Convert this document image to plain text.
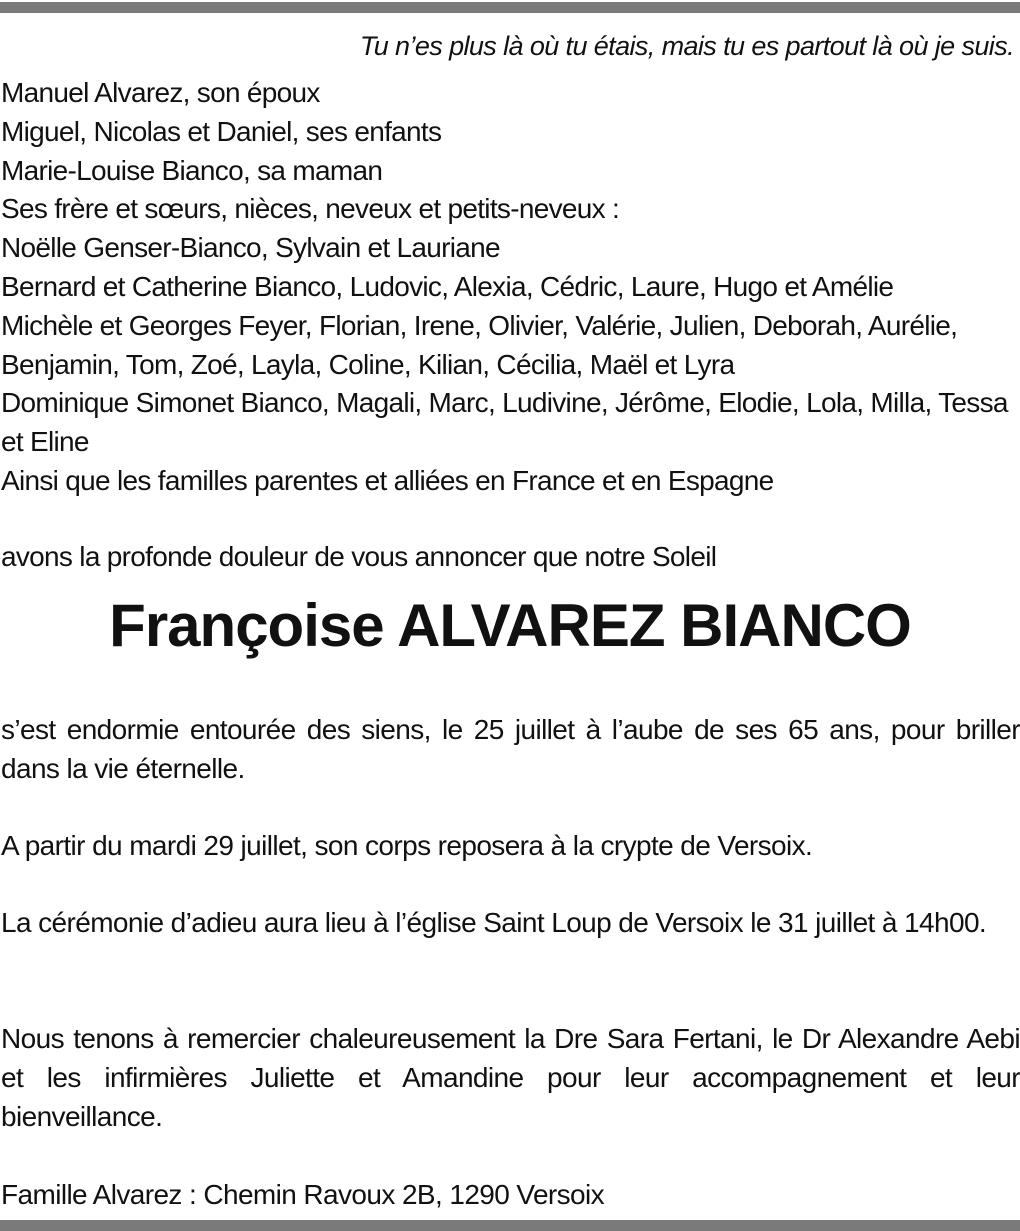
Tu n’es plus là où tu étais, mais tu es partout là où je suis.
Manuel Alvarez, son époux
Miguel, Nicolas et Daniel, ses enfants
Marie-Louise Bianco, sa maman
Ses frère et sœurs, nièces, neveux et petits-neveux :
Noëlle Genser-Bianco, Sylvain et Lauriane
Bernard et Catherine Bianco, Ludovic, Alexia, Cédric, Laure, Hugo et Amélie
Michèle et Georges Feyer, Florian, Irene, Olivier, Valérie, Julien, Deborah, Aurélie, Benjamin, Tom, Zoé, Layla, Coline, Kilian, Cécilia, Maël et Lyra
Dominique Simonet Bianco, Magali, Marc, Ludivine, Jérôme, Elodie, Lola, Milla, Tessa et Eline
Ainsi que les familles parentes et alliées en France et en Espagne
avons la profonde douleur de vous annoncer que notre Soleil
Françoise ALVAREZ BIANCO
s’est endormie entourée des siens, le 25 juillet à l’aube de ses 65 ans, pour briller dans la vie éternelle.
A partir du mardi 29 juillet, son corps reposera à la crypte de Versoix.
La cérémonie d’adieu aura lieu à l’église Saint Loup de Versoix le 31 juillet à 14h00.
Nous tenons à remercier chaleureusement la Dre Sara Fertani, le Dr Alexandre Aebi et les infirmières Juliette et Amandine pour leur accompagnement et leur bienveillance.
Famille Alvarez : Chemin Ravoux 2B, 1290 Versoix
